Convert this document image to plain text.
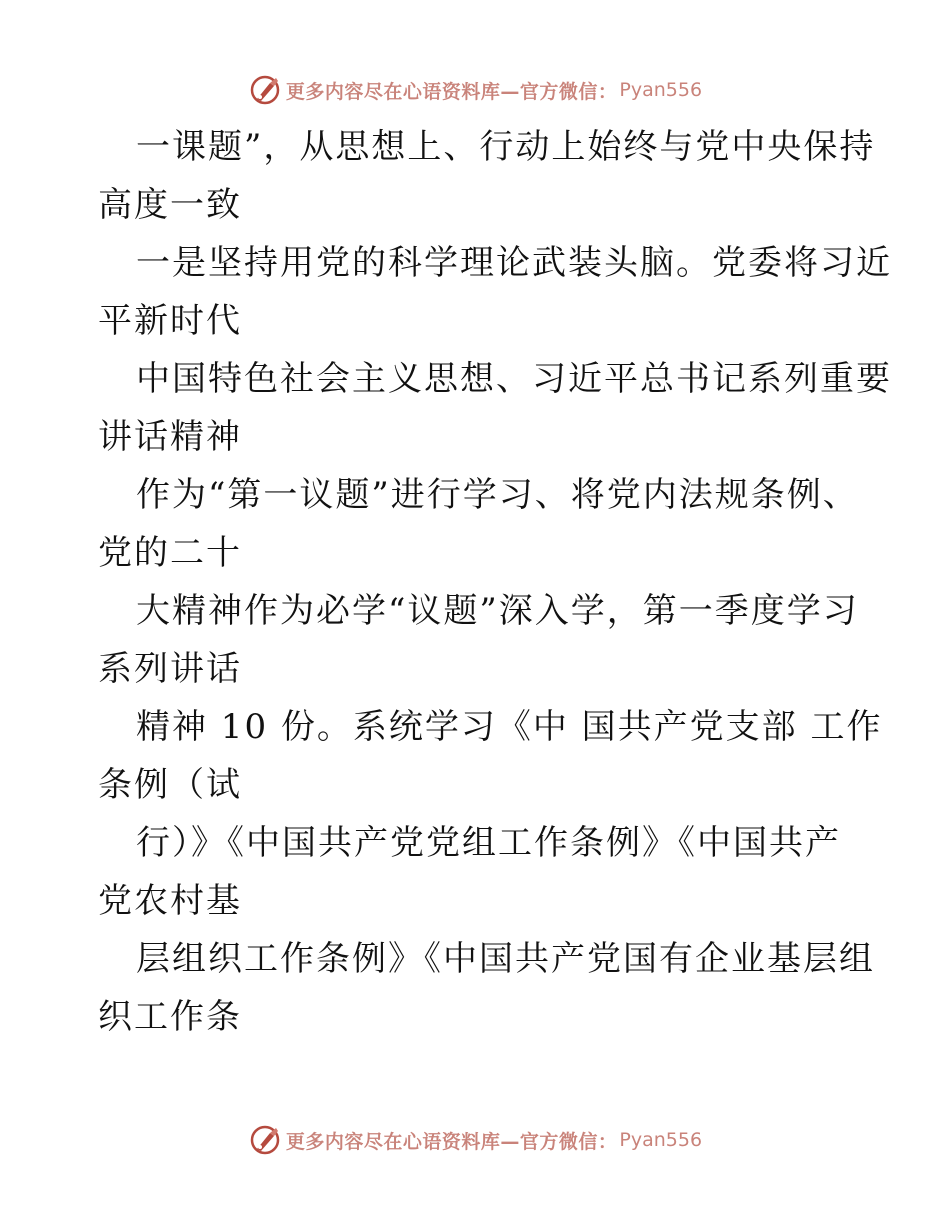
更多内容尽在心语资料库—官方微信： Pyan556
一课题”，从思想上、行动上始终与党中央保持
高度一致
一是坚持用党的科学理论武装头脑。党委将习近
平新时代
中国特色社会主义思想、习近平总书记系列重要
讲话精神
作为“第一议题”进行学习、将党内法规条例、
党的二十
大精神作为必学“议题”深入学，第一季度学习
系列讲话
精神 10 份。系统学习《中 国共产党支部 工作
条例（试
行）》《中国共产党党组工作条例》《中国共产
党农村基
层组织工作条例》《中国共产党国有企业基层组
织工作条
更多内容尽在心语资料库—官方微信： Pyan556
